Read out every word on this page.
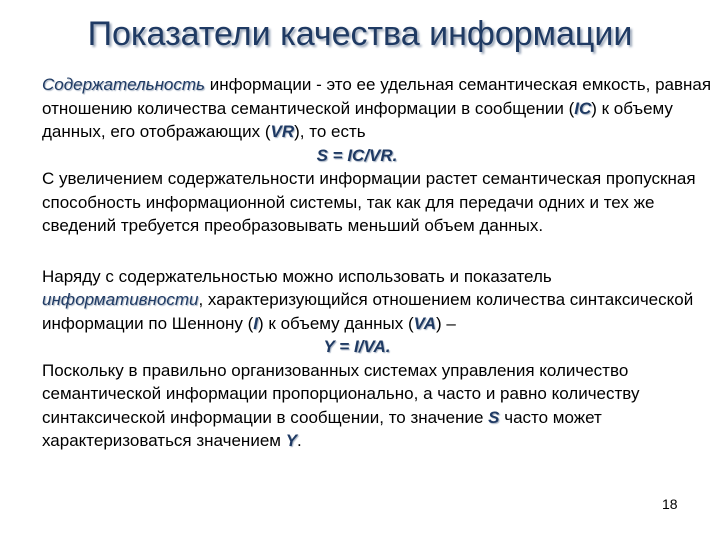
Показатели качества информации

Содержательность информации - это ее удельная семантическая емкость, равная отношению количества семантической информации в сообщении (IC) к объему данных, его отображающих (VR), то есть

S = IC/VR.

С увеличением содержательности информации растет семантическая пропускная способность информационной системы, так как для передачи одних и тех же сведений требуется преобразовывать меньший объем данных.

Наряду с содержательностью можно использовать и показатель информативности, характеризующийся отношением количества синтаксической информации по Шеннону (I) к объему данных (VA) –

Y = I/VA.

Поскольку в правильно организованных системах управления количество семантической информации пропорционально, а часто и равно количеству синтаксической информации в сообщении, то значение S часто может характеризоваться значением Y.

18
